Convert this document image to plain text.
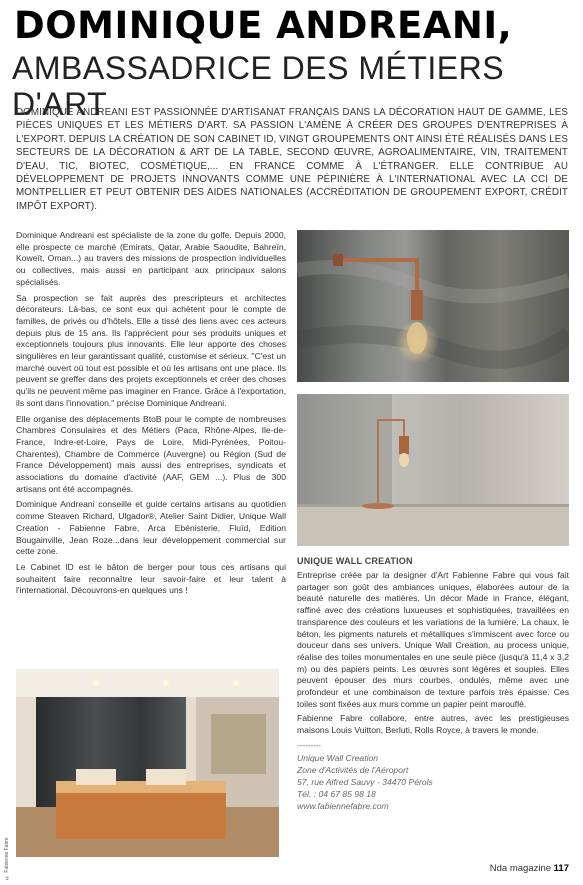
DOMINIQUE ANDREANI,
AMBASSADRICE DES MÉTIERS D'ART

DOMINIQUE ANDREANI EST PASSIONNÉE D'ARTISANAT FRANÇAIS DANS LA DÉCORATION HAUT DE GAMME, LES PIÈCES UNIQUES ET LES MÉTIERS D'ART. SA PASSION L'AMÈNE À CRÉER DES GROUPES D'ENTREPRISES À L'EXPORT. DEPUIS LA CRÉATION DE SON CABINET ID, VINGT GROUPEMENTS ONT AINSI ÉTÉ RÉALISÉS DANS LES SECTEURS DE LA DÉCORATION & ART DE LA TABLE, SECOND ŒUVRE, AGROALIMENTAIRE, VIN, TRAITEMENT D'EAU, TIC, BIOTEC, COSMÉTIQUE,... EN FRANCE COMME À L'ÉTRANGER. ELLE CONTRIBUE AU DÉVELOPPEMENT DE PROJETS INNOVANTS COMME UNE PÉPINIÈRE À L'INTERNATIONAL AVEC LA CCI DE MONTPELLIER ET PEUT OBTENIR DES AIDES NATIONALES (ACCRÉDITATION DE GROUPEMENT EXPORT, CRÉDIT IMPÔT EXPORT).

Dominique Andreani est spécialiste de la zone du golfe. Depuis 2000, elle prospecte ce marché (Emirats, Qatar, Arabie Saoudite, Bahreïn, Koweït, Oman...) au travers des missions de prospection individuelles ou collectives, mais aussi en participant aux principaux salons spécialisés.

Sa prospection se fait auprès des prescripteurs et architectes décorateurs. Là-bas, ce sont eux qui achètent pour le compte de familles, de privés ou d'hôtels. Elle a tissé des liens avec ces acteurs depuis plus de 15 ans. Ils l'apprécient pour ses produits uniques et exceptionnels toujours plus innovants. Elle leur apporte des choses singulières en leur garantissant qualité, customise et sérieux. "C'est un marché ouvert où tout est possible et où les artisans ont une place. Ils peuvent se greffer dans des projets exceptionnels et créer des choses qu'ils ne peuvent même pas imaginer en France. Grâce à l'exportation, ils sont dans l'innovation." précise Dominique Andreani.

Elle organise des déplacements BtoB pour le compte de nombreuses Chambres Consulaires et des Métiers (Paca, Rhône-Alpes, Ile-de-France, Indre-et-Loire, Pays de Loire, Midi-Pyrénées, Poitou-Charentes), Chambre de Commerce (Auvergne) ou Région (Sud de France Développement) mais aussi des entreprises, syndicats et associations du domaine d'activité (AAF, GEM ...). Plus de 300 artisans ont été accompagnés.

Dominique Andreani conseille et guide certains artisans au quotidien comme Steaven Richard, Ulgador®, Atelier Saint Didier, Unique Wall Creation - Fabienne Fabre, Arca Ebénisterie, Fluïd, Edition Bougainville, Jean Roze...dans leur développement commercial sur cette zone.

Le Cabinet ID est le bâton de berger pour tous ces artisans qui souhaitent faire reconnaître leur savoir-faire et leur talent à l'international. Découvrons-en quelques uns !

UNIQUE WALL CREATION

Entreprise créée par la designer d'Art Fabienne Fabre qui vous fait partager son goût des ambiances uniques, élaborées autour de la beauté naturelle des matières. Un décor Made in France, élégant, raffiné avec des créations luxueuses et sophistiquées, travaillées en transparence des couleurs et les variations de la lumière. La chaux, le béton, les pigments naturels et métalliques s'immiscent avec force ou douceur dans ses univers. Unique Wall Creation, au process unique, réalise des toiles monumentales en une seule pièce (jusqu'à 11,4 x 3,2 m) ou des papiers peints. Les œuvres sont légères et souples. Elles peuvent épouser des murs courbes, ondulés, même avec une profondeur et une combinaison de texture parfois très épaisse. Ces toiles sont fixées aux murs comme un papier peint marouflé.

Fabienne Fabre collabore, entre autres, avec les prestigieuses maisons Louis Vuitton, Berluti, Rolls Royce, à travers le monde.

---------
Unique Wall Creation
Zone d'Activités de l'Aéroport
57, rue Alfred Sauvy - 34470 Pérols
Tél. : 04 67 85 98 18
www.fabiennefabre.com
© Fabienne Fabre	Nda magazine 117
